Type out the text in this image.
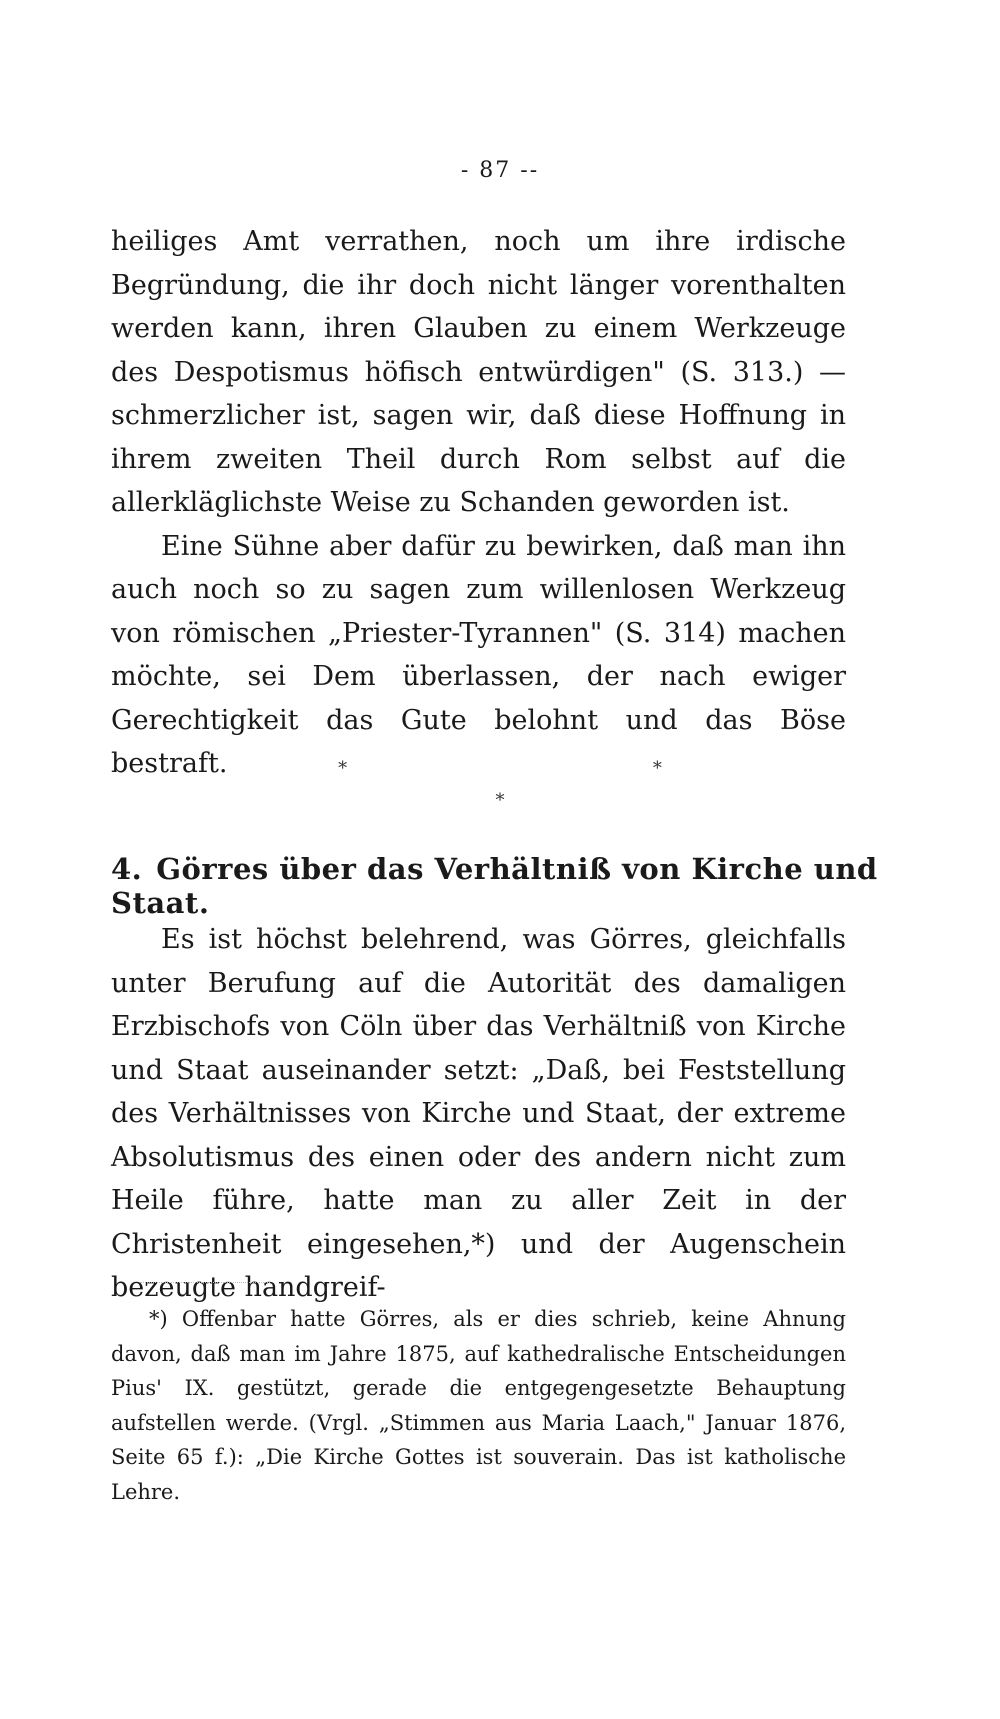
- 87 --

heiliges Amt verrathen, noch um ihre irdische Begründung, die ihr doch nicht länger vorenthalten werden kann, ihren Glauben zu einem Werkzeuge des Despotismus höfisch entwürdigen" (S. 313.) — schmerzlicher ist, sagen wir, daß diese Hoffnung in ihrem zweiten Theil durch Rom selbst auf die allerkläglichste Weise zu Schanden geworden ist.

Eine Sühne aber dafür zu bewirken, daß man ihn auch noch so zu sagen zum willenlosen Werkzeug von römischen „Priester-Tyrannen" (S. 314) machen möchte, sei Dem überlassen, der nach ewiger Gerechtigkeit das Gute belohnt und das Böse bestraft.	* *
*
4. Görres über das Verhältniß von Kirche und Staat.

Es ist höchst belehrend, was Görres, gleichfalls unter Berufung auf die Autorität des damaligen Erzbischofs von Cöln über das Verhältniß von Kirche und Staat auseinander setzt: „Daß, bei Feststellung des Verhältnisses von Kirche und Staat, der extreme Absolutismus des einen oder des andern nicht zum Heile führe, hatte man zu aller Zeit in der Christenheit eingesehen,*) und der Augenschein bezeugte handgreif-

*) Offenbar hatte Görres, als er dies schrieb, keine Ahnung davon, daß man im Jahre 1875, auf kathedralische Entscheidungen Pius' IX. gestützt, gerade die entgegengesetzte Behauptung aufstellen werde. (Vrgl. „Stimmen aus Maria Laach," Januar 1876, Seite 65 f.): „Die Kirche Gottes ist souverain. Das ist katholische Lehre.
